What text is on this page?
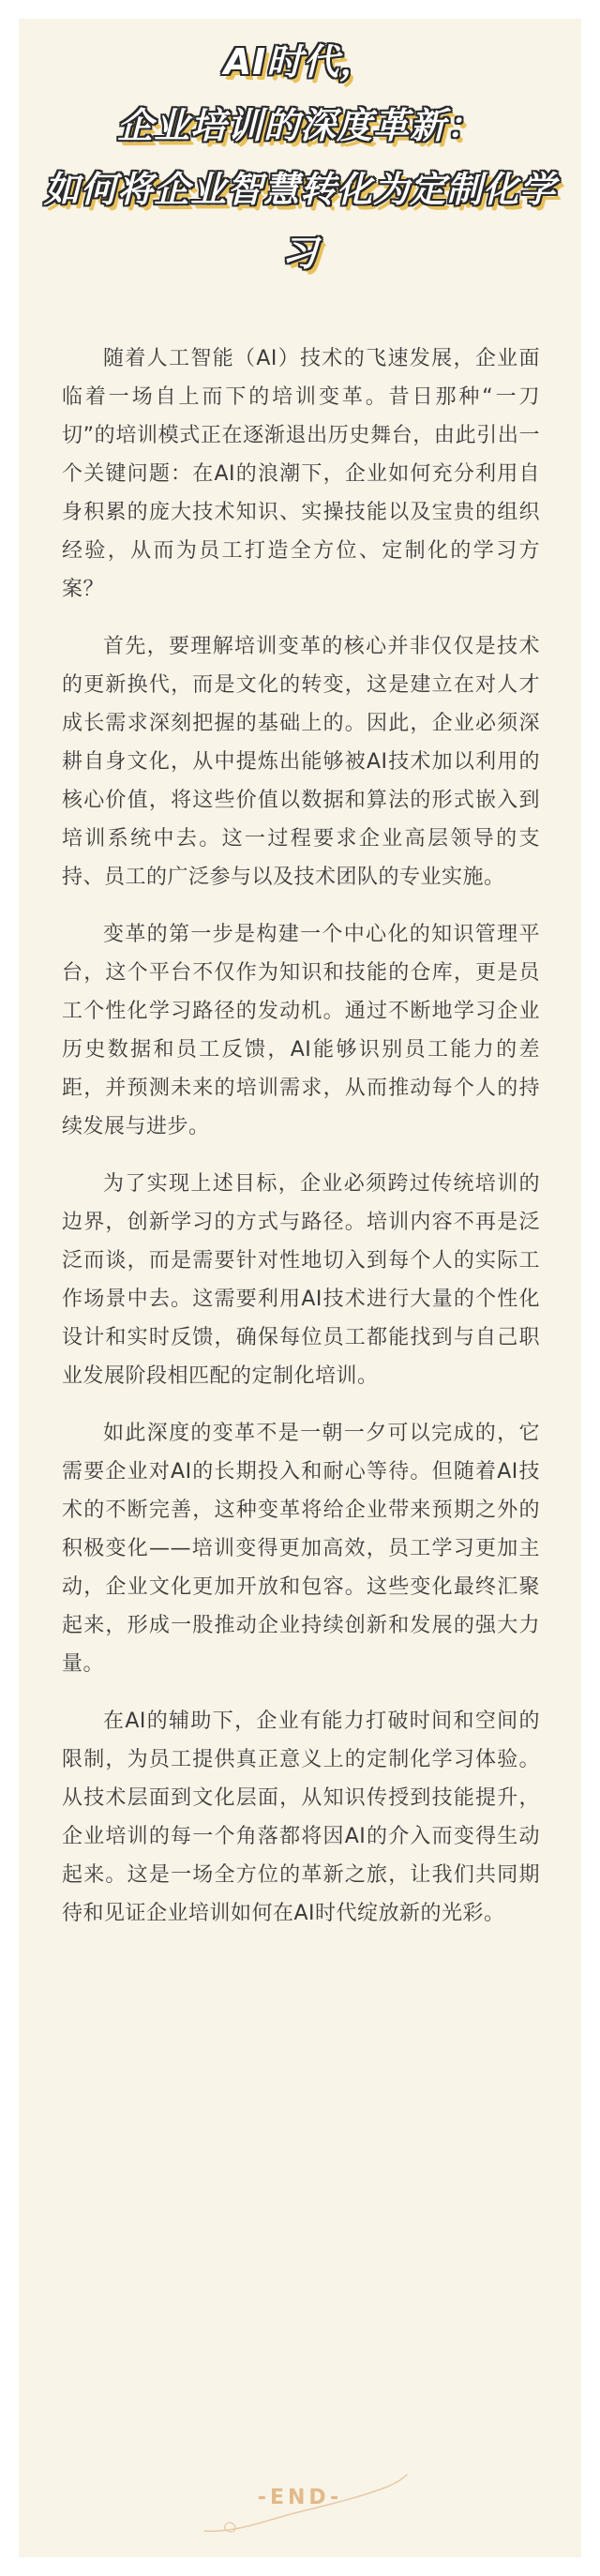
AI时代，
企业培训的深度革新：
如何将企业智慧转化为定制化学
习

随着人工智能（AI）技术的飞速发展，企业面临着一场自上而下的培训变革。昔日那种“一刀切”的培训模式正在逐渐退出历史舞台，由此引出一个关键问题：在AI的浪潮下，企业如何充分利用自身积累的庞大技术知识、实操技能以及宝贵的组织经验，从而为员工打造全方位、定制化的学习方案？

首先，要理解培训变革的核心并非仅仅是技术的更新换代，而是文化的转变，这是建立在对人才成长需求深刻把握的基础上的。因此，企业必须深耕自身文化，从中提炼出能够被AI技术加以利用的核心价值，将这些价值以数据和算法的形式嵌入到培训系统中去。这一过程要求企业高层领导的支持、员工的广泛参与以及技术团队的专业实施。

变革的第一步是构建一个中心化的知识管理平台，这个平台不仅作为知识和技能的仓库，更是员工个性化学习路径的发动机。通过不断地学习企业历史数据和员工反馈，AI能够识别员工能力的差距，并预测未来的培训需求，从而推动每个人的持续发展与进步。

为了实现上述目标，企业必须跨过传统培训的边界，创新学习的方式与路径。培训内容不再是泛泛而谈，而是需要针对性地切入到每个人的实际工作场景中去。这需要利用AI技术进行大量的个性化设计和实时反馈，确保每位员工都能找到与自己职业发展阶段相匹配的定制化培训。

如此深度的变革不是一朝一夕可以完成的，它需要企业对AI的长期投入和耐心等待。但随着AI技术的不断完善，这种变革将给企业带来预期之外的积极变化——培训变得更加高效，员工学习更加主动，企业文化更加开放和包容。这些变化最终汇聚起来，形成一股推动企业持续创新和发展的强大力量。

在AI的辅助下，企业有能力打破时间和空间的限制，为员工提供真正意义上的定制化学习体验。从技术层面到文化层面，从知识传授到技能提升，企业培训的每一个角落都将因AI的介入而变得生动起来。这是一场全方位的革新之旅，让我们共同期待和见证企业培训如何在AI时代绽放新的光彩。

-END-
